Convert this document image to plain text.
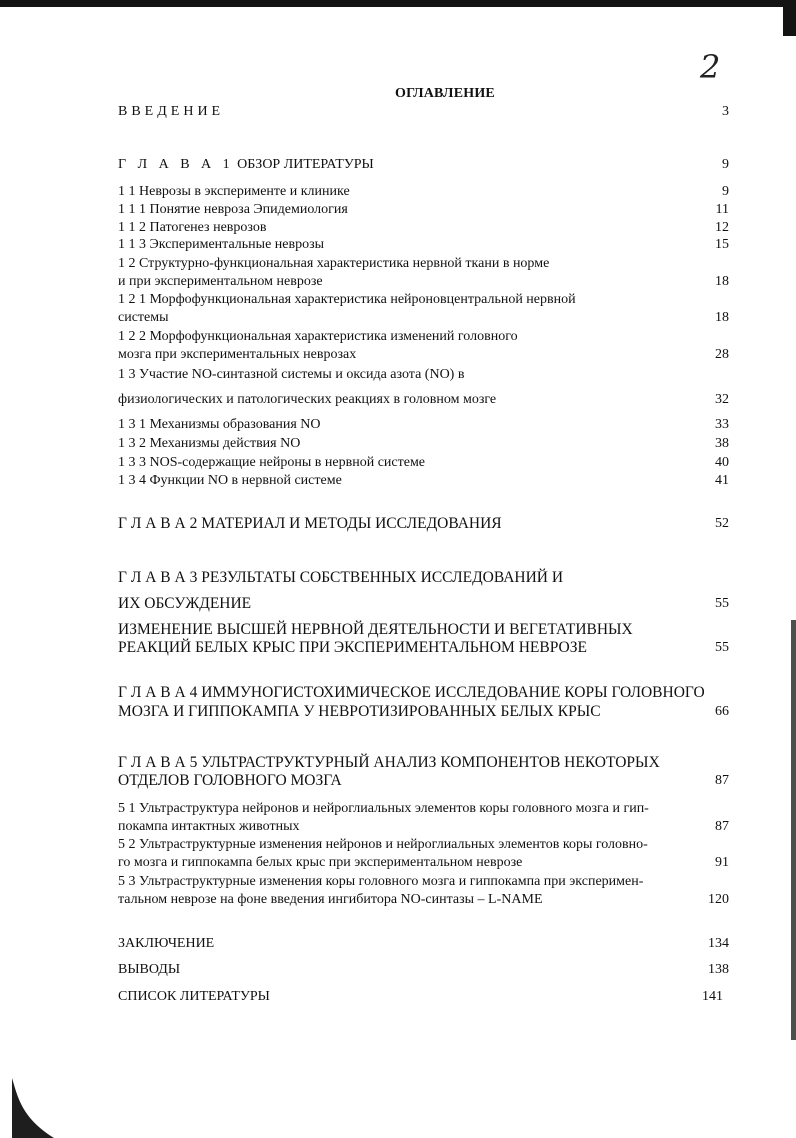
2
ОГЛАВЛЕНИЕ
ВВЕДЕНИЕ	3
Г Л А В А 1 ОБЗОР ЛИТЕРАТУРЫ	9
1 1 Неврозы в эксперименте и клинике	9
1 1 1 Понятие невроза Эпидемиология	11
1 1 2 Патогенез неврозов	12
1 1 3 Экспериментальные неврозы	15
1 2 Структурно-функциональная характеристика нервной ткани в норме
и при экспериментальном неврозе	18
1 2 1 Морфофункциональная характеристика нейроновцентральной нервной
системы	18
1 2 2 Морфофункциональная характеристика изменений головного
мозга при экспериментальных неврозах	28
1 3 Участие NO-синтазной системы и оксида азота (NO) в
физиологических и патологических реакциях в головном мозге	32
1 3 1 Механизмы образования NO	33
1 3 2 Механизмы действия NO	38
1 3 3 NOS-содержащие нейроны в нервной системе	40
1 3 4 Функции NO в нервной системе	41
Г Л А В А 2 МАТЕРИАЛ И МЕТОДЫ ИССЛЕДОВАНИЯ	52
Г Л А В А 3 РЕЗУЛЬТАТЫ СОБСТВЕННЫХ ИССЛЕДОВАНИЙ И
ИХ ОБСУЖДЕНИЕ	55
ИЗМЕНЕНИЕ ВЫСШЕЙ НЕРВНОЙ ДЕЯТЕЛЬНОСТИ И ВЕГЕТАТИВНЫХ
РЕАКЦИЙ БЕЛЫХ КРЫС ПРИ ЭКСПЕРИМЕНТАЛЬНОМ НЕВРОЗЕ	55
Г Л А В А 4 ИММУНОГИСТОХИМИЧЕСКОЕ ИССЛЕДОВАНИЕ КОРЫ ГОЛОВНОГО
МОЗГА И ГИППОКАМПА У НЕВРОТИЗИРОВАННЫХ БЕЛЫХ КРЫС	66
Г Л А В А 5 УЛЬТРАСТРУКТУРНЫЙ АНАЛИЗ КОМПОНЕНТОВ НЕКОТОРЫХ
ОТДЕЛОВ ГОЛОВНОГО МОЗГА	87
5 1 Ультраструктура нейронов и нейроглиальных элементов коры головного мозга и гип-
покампа интактных животных	87
5 2 Ультраструктурные изменения нейронов и нейроглиальных элементов коры головно-
го мозга и гиппокампа белых крыс при экспериментальном неврозе	91
5 3 Ультраструктурные изменения коры головного мозга и гиппокампа при эксперимен-
тальном неврозе на фоне введения ингибитора NO-синтазы – L-NAME	120
ЗАКЛЮЧЕНИЕ	134
ВЫВОДЫ	138
СПИСОК ЛИТЕРАТУРЫ	141
